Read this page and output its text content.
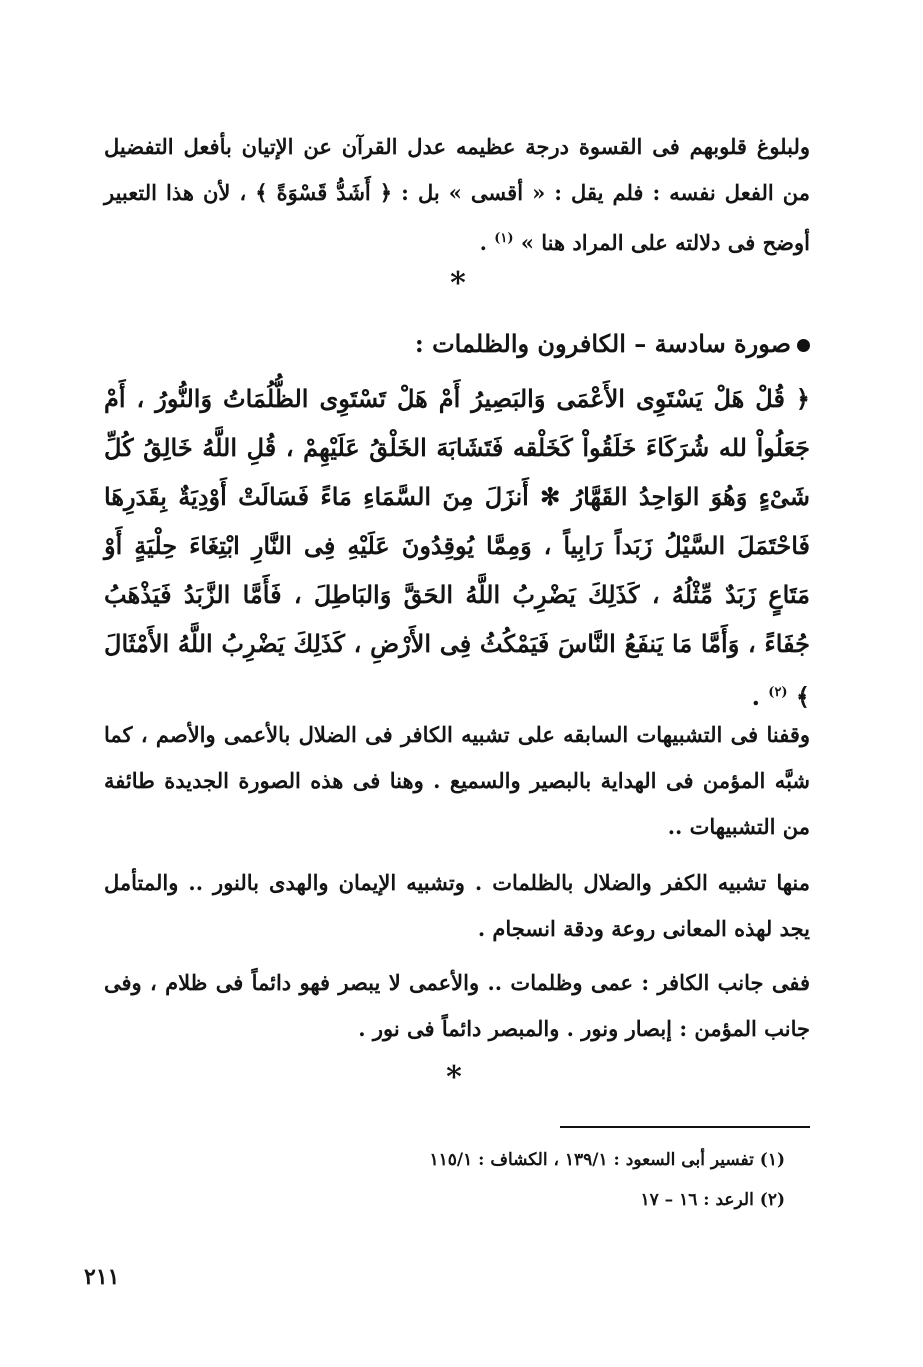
ولبلوغ قلوبهم فى القسوة درجة عظيمه عدل القرآن عن الإتيان بأفعل التفضيل من الفعل نفسه : فلم يقل : « أقسى » بل : ﴿ أَشَدُّ قَسْوَةً ﴾ ، لأن هذا التعبير أوضح فى دلالته على المراد هنا » $^{(١)}$ .

*
صورة سادسة – الكافرون والظلمات :

﴿ قُلْ هَلْ يَسْتَوِى الأَعْمَى وَالبَصِيرُ أَمْ هَلْ تَسْتَوِى الظُّلُمَاتُ وَالنُّورُ ، أَمْ جَعَلُواْ لله شُرَكَاءَ خَلَقُواْ كَخَلْقه فَتَشَابَهَ الخَلْقُ عَلَيْهِمْ ، قُلِ اللَّهُ خَالِقُ كُلِّ شَىْءٍ وَهُوَ الوَاحِدُ القَهَّارُ ✻ أَنزَلَ مِنَ السَّمَاءِ مَاءً فَسَالَتْ أَوْدِيَةٌ بِقَدَرِهَا فَاحْتَمَلَ السَّيْلُ زَبَداً رَابِياً ، وَمِمَّا يُوقِدُونَ عَلَيْهِ فِى النَّارِ ابْتِغَاءَ حِلْيَةٍ أَوْ مَتَاعٍ زَبَدٌ مِّثْلُهُ ، كَذَلِكَ يَضْرِبُ اللَّهُ الحَقَّ وَالبَاطِلَ ، فَأَمَّا الزَّبَدُ فَيَذْهَبُ جُفَاءً ، وَأَمَّا مَا يَنفَعُ النَّاسَ فَيَمْكُثُ فِى الأَرْضِ ، كَذَلِكَ يَضْرِبُ اللَّهُ الأَمْثَالَ ﴾ $^{(٢)}$ .

وقفنا فى التشبيهات السابقه على تشبيه الكافر فى الضلال بالأعمى والأصم ، كما شبَّه المؤمن فى الهداية بالبصير والسميع . وهنا فى هذه الصورة الجديدة طائفة من التشبيهات ..

منها تشبيه الكفر والضلال بالظلمات . وتشبيه الإيمان والهدى بالنور .. والمتأمل يجد لهذه المعانى روعة ودقة انسجام .

ففى جانب الكافر : عمى وظلمات .. والأعمى لا يبصر فهو دائماً فى ظلام ، وفى جانب المؤمن : إبصار ونور . والمبصر دائماً فى نور .

*

(١) تفسير أبى السعود : ١٣٩/١ ، الكشاف : ١١٥/١

(٢) الرعد : ١٦ – ١٧

٢١١
